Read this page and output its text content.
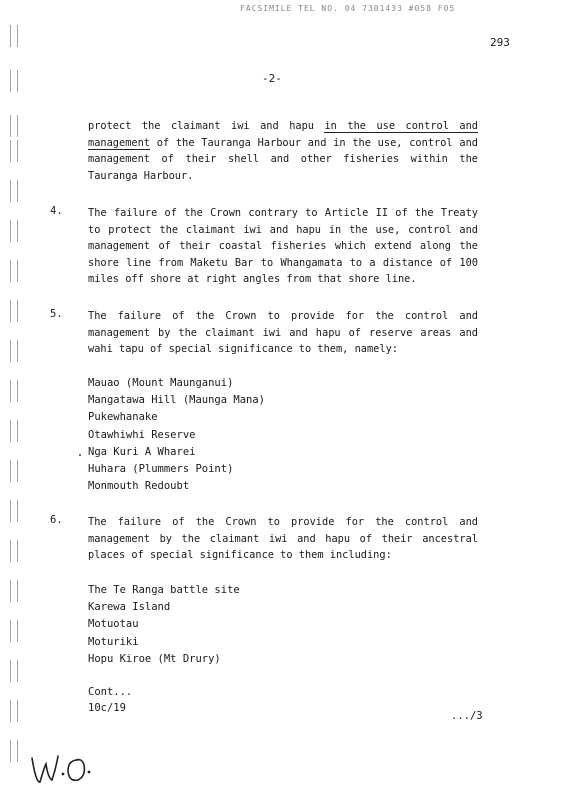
FACSIMILE TEL NO. 04 7301433 #058 F05
293
-2-
protect the claimant iwi and hapu in the use control and management of the Tauranga Harbour and in the use, control and management of their shell and other fisheries within the Tauranga Harbour.
4. The failure of the Crown contrary to Article II of the Treaty to protect the claimant iwi and hapu in the use, control and management of their coastal fisheries which extend along the shore line from Maketu Bar to Whangamata to a distance of 100 miles off shore at right angles from that shore line.
5. The failure of the Crown to provide for the control and management by the claimant iwi and hapu of reserve areas and wahi tapu of special significance to them, namely:
Mauao (Mount Maunganui)
Mangatawa Hill (Maunga Mana)
Pukewhanake
Otawhiwhi Reserve
Nga Kuri A Wharei
Huhara (Plummers Point)
Monmouth Redoubt
6. The failure of the Crown to provide for the control and management by the claimant iwi and hapu of their ancestral places of special significance to them including:
The Te Ranga battle site
Karewa Island
Motuotau
Moturiki
Hopu Kiroe (Mt Drury)
Cont...
10c/19
.../3
